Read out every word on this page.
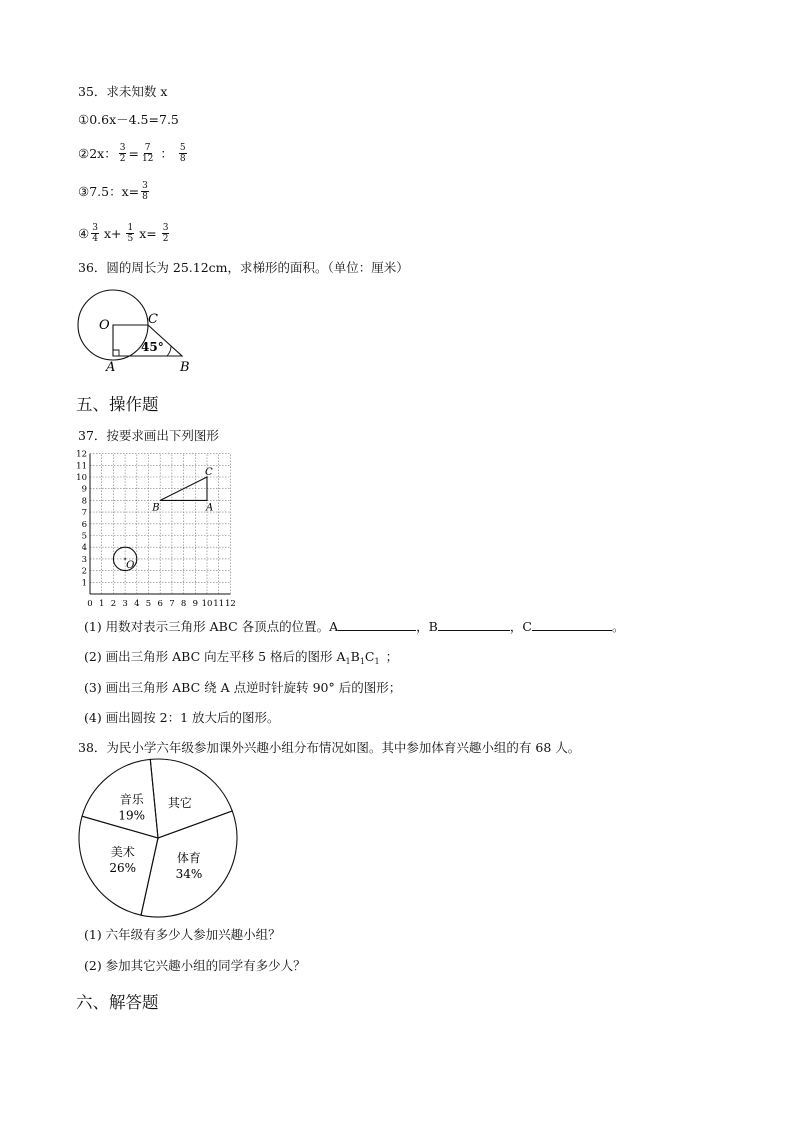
35．求未知数 x
①0.6x－4.5=7.5
②2x： $\frac{3}{2} = \frac{7}{12}$ ： $\frac{5}{8}$
③7.5：$x= \frac{3}{8}$
④ $\frac{3}{4} x+ \frac{1}{5} x= \frac{3}{2}$
36．圆的周长为 25.12cm，求梯形的面积。（单位：厘米）
O	C
A	B
45°
五、操作题
37．按要求画出下列图形
0 1 2 3 4 5 6 7 8 9 10 11 12
1
2
3
4
5
6
7
8
9
10
11
12
A
B
C
O
(1) 用数对表示三角形 ABC 各顶点的位置。A	，B	，C	。
(2) 画出三角形 ABC 向左平移 5 格后的图形 $A_1B_1C_1$ ；
(3) 画出三角形 ABC 绕 A 点逆时针旋转 90° 后的图形；
(4) 画出圆按 2：1 放大后的图形。
38．为民小学六年级参加课外兴趣小组分布情况如图。其中参加体育兴趣小组的有 68 人。
体育
34%
美术
26%
音乐
19%
其它
(1) 六年级有多少人参加兴趣小组？
(2) 参加其它兴趣小组的同学有多少人？
六、解答题
